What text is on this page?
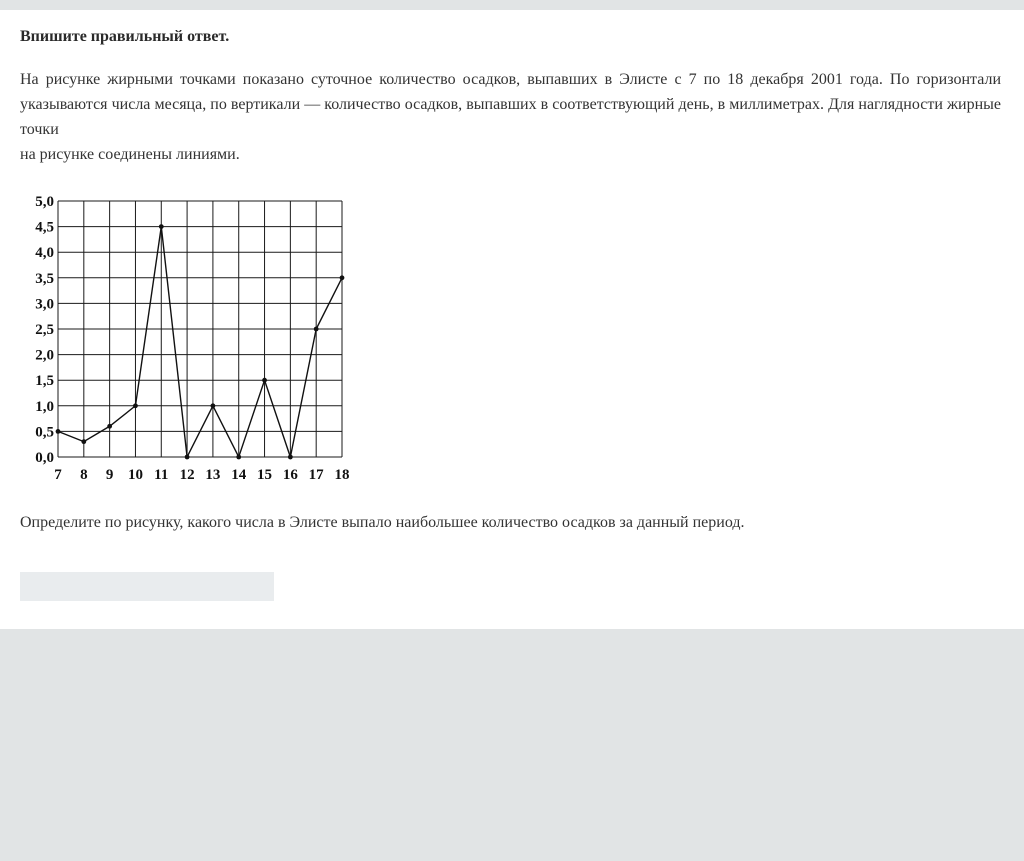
Впишите правильный ответ.
На рисунке жирными точками показано суточное количество осадков, выпавших в Элисте с 7 по 18 декабря 2001 года. По горизонтали указываются числа месяца, по вертикали — количество осадков, выпавших в соответствующий день, в миллиметрах. Для наглядности жирные точки
на рисунке соединены линиями.
0,0
0,5
1,0
1,5
2,0
2,5
3,0
3,5
4,0
4,5
5,0
7 8 9 10 11 12 13 14 15 16 17 18
Определите по рисунку, какого числа в Элисте выпало наибольшее количество осадков за данный период.
